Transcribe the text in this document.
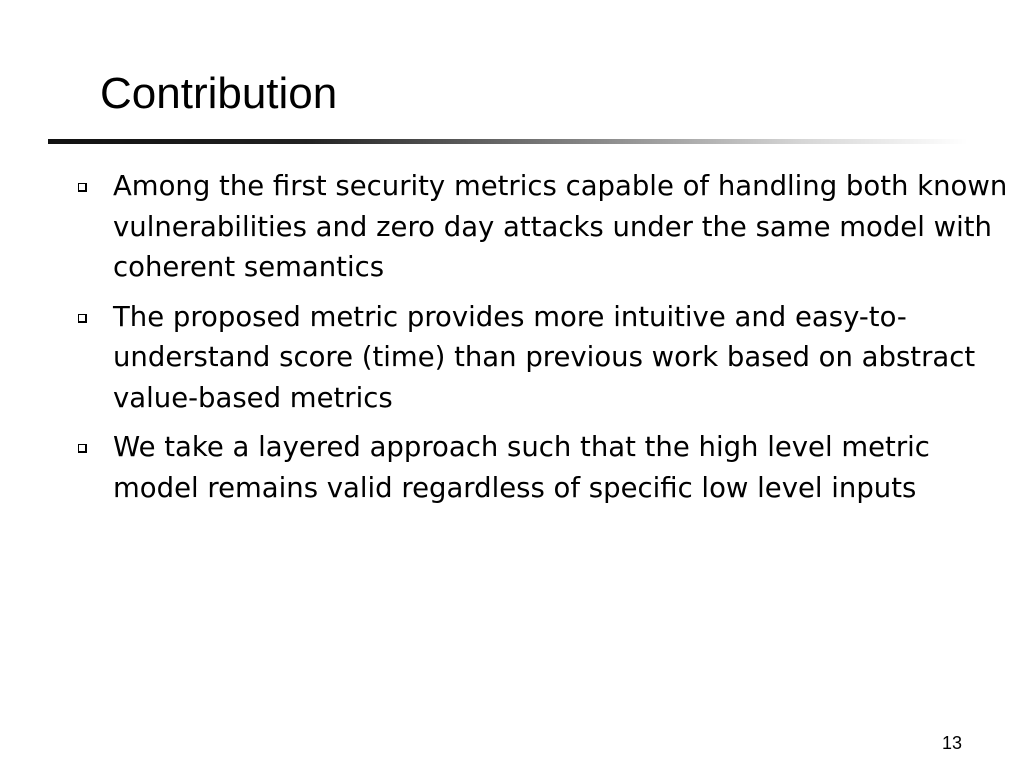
Contribution
Among the first security metrics capable of handling both known vulnerabilities and zero day attacks under the same model with coherent semantics
The proposed metric provides more intuitive and easy-to-understand score (time) than previous work based on abstract value-based metrics
We take a layered approach such that the high level metric model remains valid regardless of specific low level inputs
13
